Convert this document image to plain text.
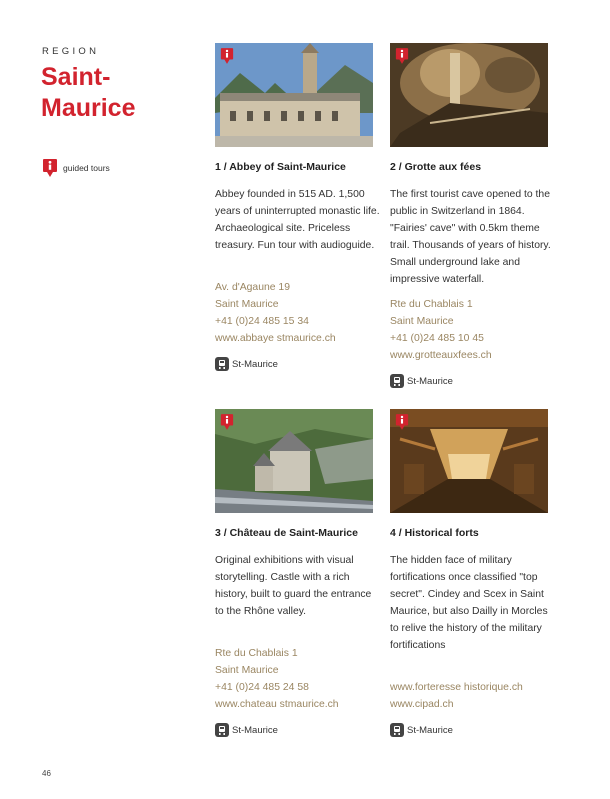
REGION
Saint-Maurice
guided tours	1 / Abbey of Saint-Maurice
Abbey founded in 515 AD. 1,500 years of uninterrupted monastic life. Archaeological site. Priceless treasury. Fun tour with audioguide.
Av. d'Agaune 19
Saint Maurice
+41 (0)24 485 15 34
www.abbaye stmaurice.ch
St-Maurice
2 / Grotte aux fées
The first tourist cave opened to the public in Switzerland in 1864. "Fairies' cave" with 0.5km theme trail. Thousands of years of history. Small underground lake and impressive waterfall.
Rte du Chablais 1
Saint Maurice
+41 (0)24 485 10 45
www.grotteauxfees.ch
St-Maurice
3 / Château de Saint-Maurice
Original exhibitions with visual storytelling. Castle with a rich history, built to guard the entrance to the Rhône valley.
Rte du Chablais 1
Saint Maurice
+41 (0)24 485 24 58
www.chateau stmaurice.ch
St-Maurice
4 / Historical forts
The hidden face of military fortifications once classified "top secret". Cindey and Scex in Saint Maurice, but also Dailly in Morcles to relive the history of the military fortifications
www.forteresse historique.ch
www.cipad.ch
St-Maurice
46
